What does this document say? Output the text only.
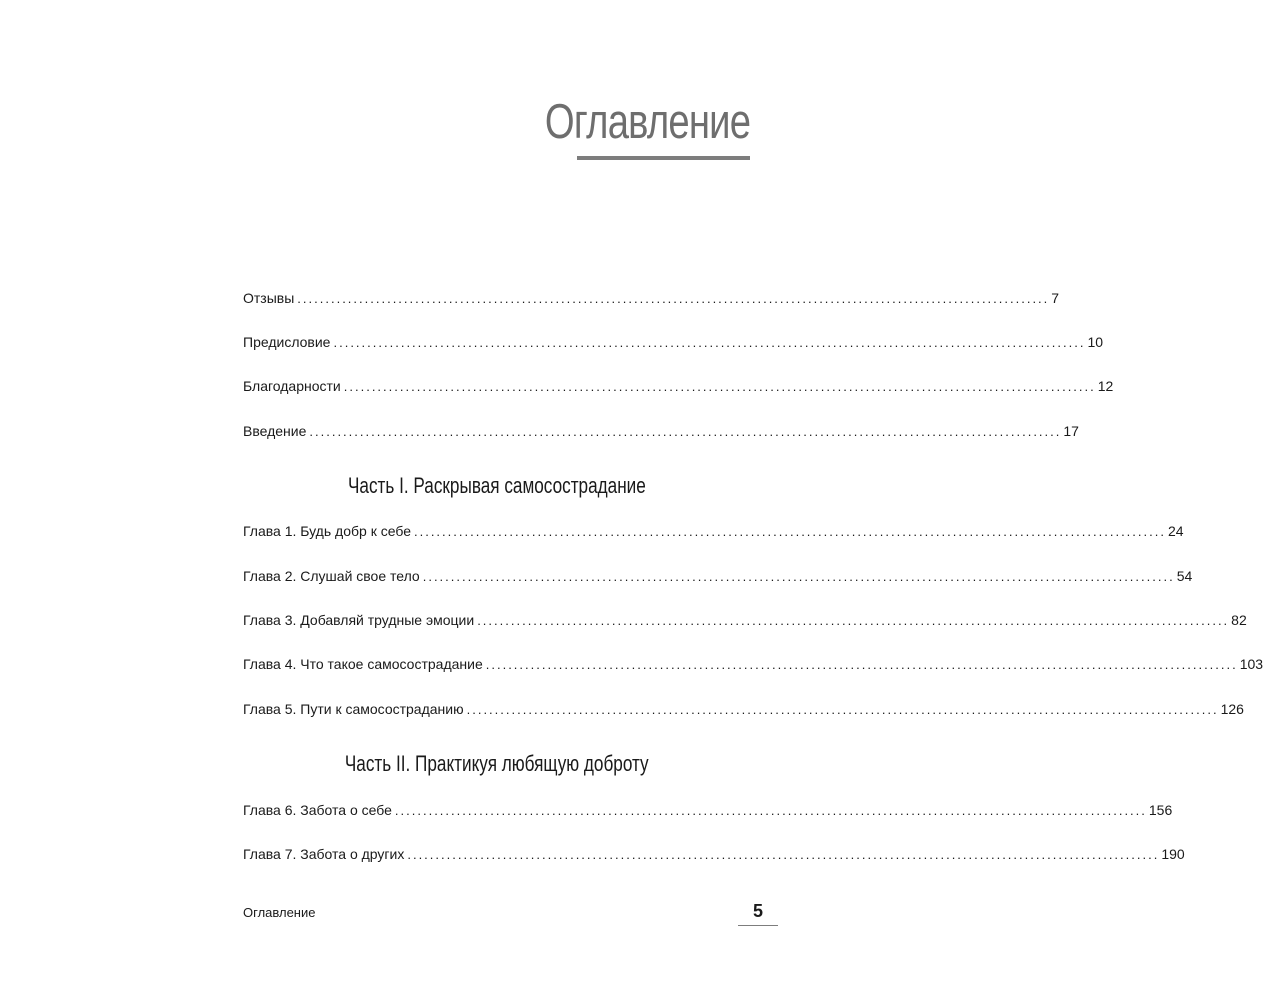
Оглавление
Отзывы ...................................................................................................................................... 7
Предисловие ...................................................................................................................................... 10
Благодарности ...................................................................................................................................... 12
Введение ...................................................................................................................................... 17
Часть I. Раскрывая самосострадание
Глава 1. Будь добр к себе ...................................................................................................................................... 24
Глава 2. Слушай свое тело ...................................................................................................................................... 54
Глава 3. Добавляй трудные эмоции ...................................................................................................................................... 82
Глава 4. Что такое самосострадание ...................................................................................................................................... 103
Глава 5. Пути к самосостраданию ...................................................................................................................................... 126
Часть II. Практикуя любящую доброту
Глава 6. Забота о себе ...................................................................................................................................... 156
Глава 7. Забота о других ...................................................................................................................................... 190
Оглавление	5
